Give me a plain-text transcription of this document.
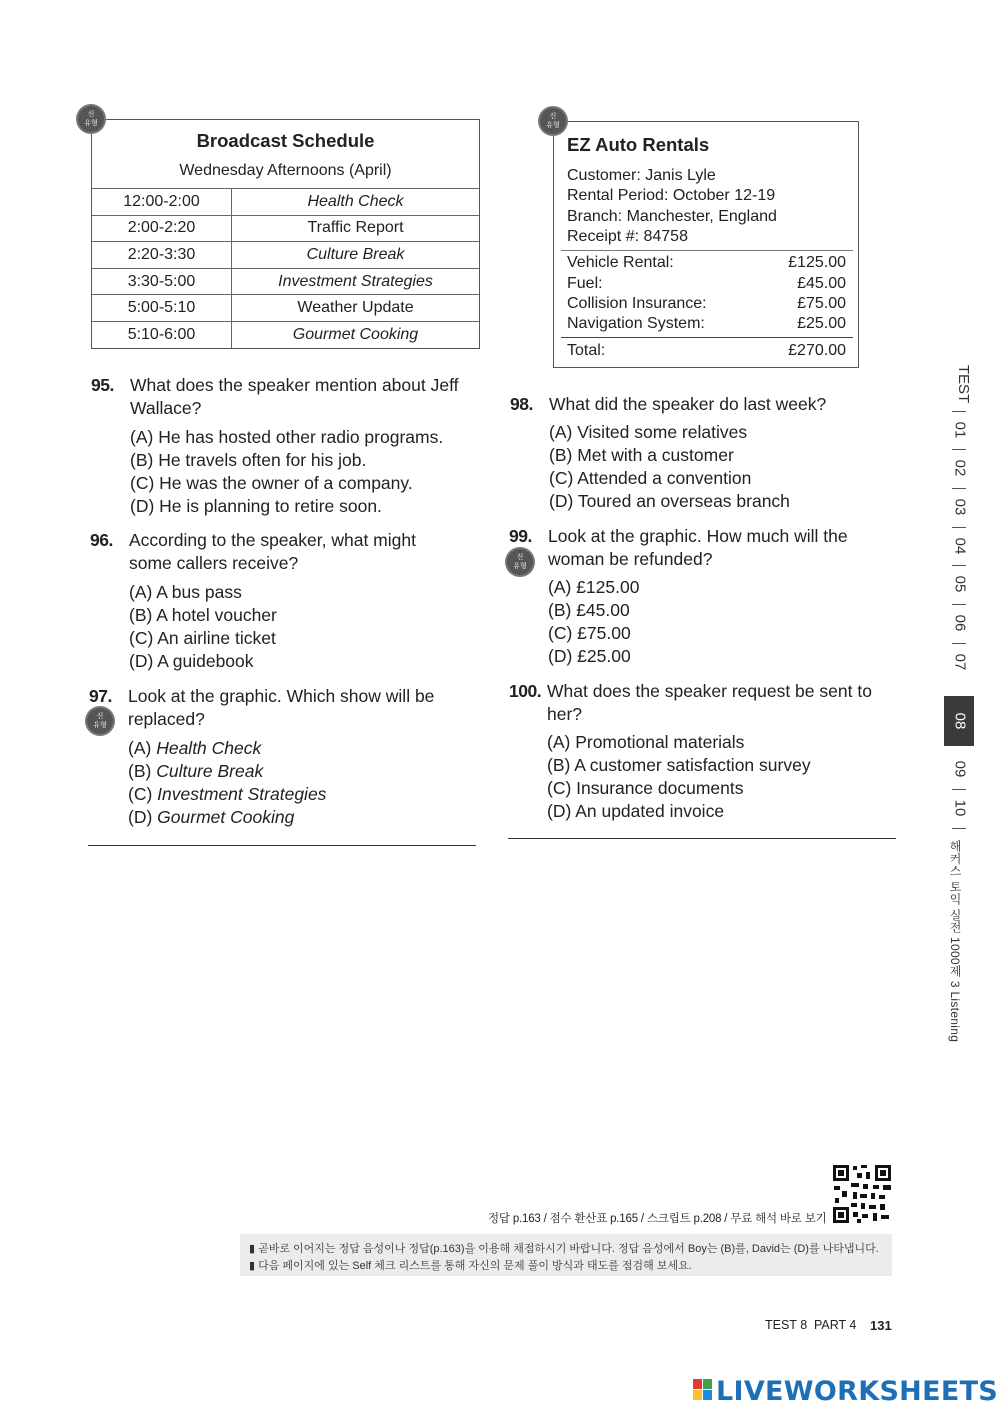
Broadcast Schedule
Wednesday Afternoons (April)
12:00-2:00	Health Check
2:00-2:20	Traffic Report
2:20-3:30	Culture Break
3:30-5:00	Investment Strategies
5:00-5:10	Weather Update
5:10-6:00	Gourmet Cooking
신
유형
EZ Auto Rentals
Customer: Janis Lyle
Rental Period: October 12-19
Branch: Manchester, England
Receipt #: 84758
Vehicle Rental:	£125.00
Fuel:	£45.00
Collision Insurance:	£75.00
Navigation System:	£25.00
Total:	£270.00
신
유형
95. What does the speaker mention about Jeff
Wallace?
(A) He has hosted other radio programs.
(B) He travels often for his job.
(C) He was the owner of a company.
(D) He is planning to retire soon.
96. According to the speaker, what might
some callers receive?
(A) A bus pass
(B) A hotel voucher
(C) An airline ticket
(D) A guidebook
97. Look at the graphic. Which show will be
replaced?
(A) Health Check
(B) Culture Break
(C) Investment Strategies
(D) Gourmet Cooking
신
유형
98. What did the speaker do last week?
(A) Visited some relatives
(B) Met with a customer
(C) Attended a convention
(D) Toured an overseas branch
99. Look at the graphic. How much will the
woman be refunded?
(A) £125.00
(B) £45.00
(C) £75.00
(D) £25.00
신
유형
100. What does the speaker request be sent to
her?
(A) Promotional materials
(B) A customer satisfaction survey
(C) Insurance documents
(D) An updated invoice
TEST
01
02
03
04
05
06
07
08
09
10
해커스 토익 실전 1000제 3 Listening
정답 p.163 / 점수 환산표 p.165 / 스크립트 p.208 / 무료 해석 바로 보기
▮ 곧바로 이어지는 정답 음성이나 정답(p.163)을 이용해 채점하시기 바랍니다. 정답 음성에서 Boy는 (B)를, David는 (D)를 나타냅니다.
▮ 다음 페이지에 있는 Self 체크 리스트를 통해 자신의 문제 풀이 방식과 태도를 점검해 보세요.
TEST 8 PART 4 131
LIVEWORKSHEETS
